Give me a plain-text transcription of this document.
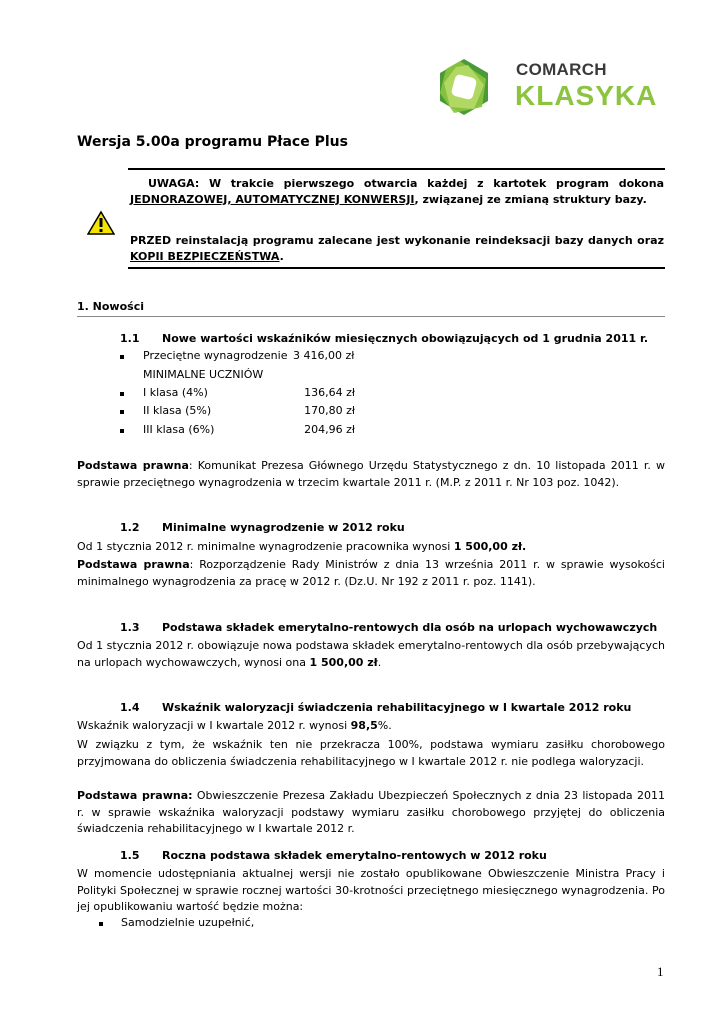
COMARCH
KLASYKA
Wersja 5.00a programu Płace Plus
UWAGA: W trakcie pierwszego otwarcia każdej z kartotek program dokona JEDNORAZOWEJ, AUTOMATYCZNEJ KONWERSJI, związanej ze zmianą struktury bazy.
PRZED reinstalacją programu zalecane jest wykonanie reindeksacji bazy danych oraz KOPII BEZPIECZEŃSTWA.
1. Nowości
1.1 Nowe wartości wskaźników miesięcznych obowiązujących od 1 grudnia 2011 r.
Przeciętne wynagrodzenie 3 416,00 zł
MINIMALNE UCZNIÓW
I klasa (4%)	136,64 zł
II klasa (5%)	170,80 zł
III klasa (6%)	204,96 zł
Podstawa prawna: Komunikat Prezesa Głównego Urzędu Statystycznego z dn. 10 listopada 2011 r. w sprawie przeciętnego wynagrodzenia w trzecim kwartale 2011 r. (M.P. z 2011 r. Nr 103 poz. 1042).
1.2 Minimalne wynagrodzenie w 2012 roku
Od 1 stycznia 2012 r. minimalne wynagrodzenie pracownika wynosi 1 500,00 zł.
Podstawa prawna: Rozporządzenie Rady Ministrów z dnia 13 września 2011 r. w sprawie wysokości minimalnego wynagrodzenia za pracę w 2012 r. (Dz.U. Nr 192 z 2011 r. poz. 1141).
1.3 Podstawa składek emerytalno-rentowych dla osób na urlopach wychowawczych
Od 1 stycznia 2012 r. obowiązuje nowa podstawa składek emerytalno-rentowych dla osób przebywających na urlopach wychowawczych, wynosi ona 1 500,00 zł.
1.4 Wskaźnik waloryzacji świadczenia rehabilitacyjnego w I kwartale 2012 roku
Wskaźnik waloryzacji w I kwartale 2012 r. wynosi 98,5%.
W związku z tym, że wskaźnik ten nie przekracza 100%, podstawa wymiaru zasiłku chorobowego przyjmowana do obliczenia świadczenia rehabilitacyjnego w I kwartale 2012 r. nie podlega waloryzacji.
Podstawa prawna: Obwieszczenie Prezesa Zakładu Ubezpieczeń Społecznych z dnia 23 listopada 2011 r. w sprawie wskaźnika waloryzacji podstawy wymiaru zasiłku chorobowego przyjętej do obliczenia świadczenia rehabilitacyjnego w I kwartale 2012 r.
1.5 Roczna podstawa składek emerytalno-rentowych w 2012 roku
W momencie udostępniania aktualnej wersji nie zostało opublikowane Obwieszczenie Ministra Pracy i Polityki Społecznej w sprawie rocznej wartości 30-krotności przeciętnego miesięcznego wynagrodzenia. Po jej opublikowaniu wartość będzie można:
Samodzielnie uzupełnić,
1
